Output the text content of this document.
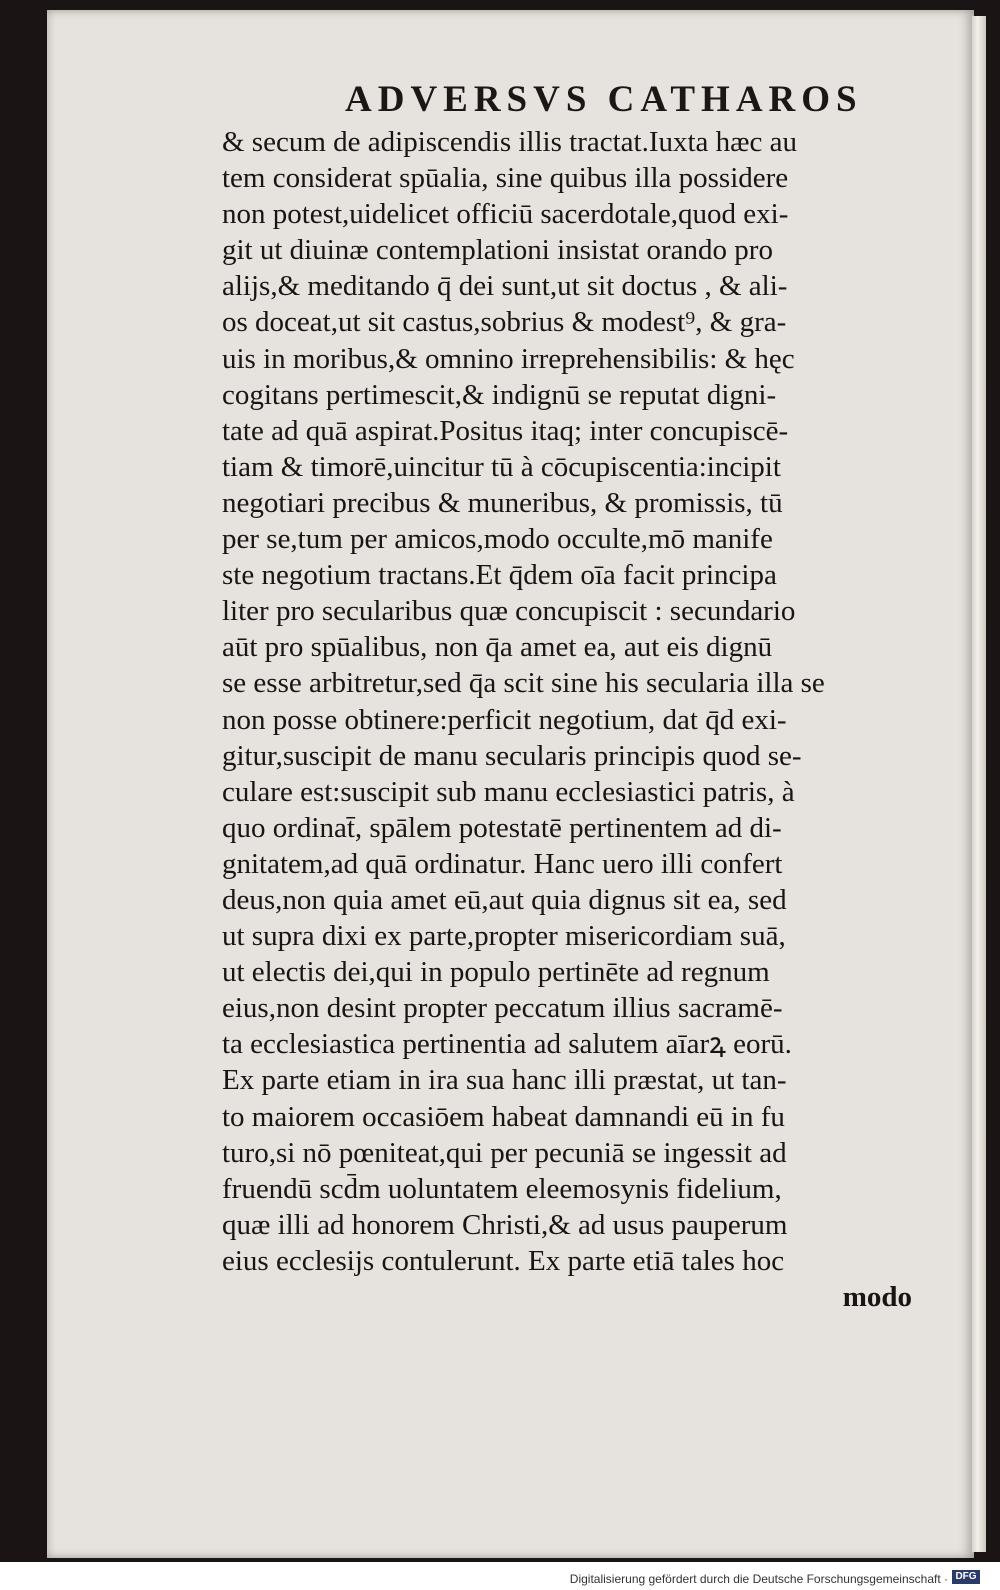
ADVERSVS CATHAROS
& secum de adipiscendis illis tractat.Iuxta hæc au
tem considerat spūalia, sine quibus illa possidere
non potest,uidelicet officiū sacerdotale,quod exi-
git ut diuinæ contemplationi insistat orando pro
alijs,& meditando q̄ dei sunt,ut sit doctus , & ali-
os doceat,ut sit castus,sobrius & modest⁹, & gra-
uis in moribus,& omnino irreprehensibilis: & hęc
cogitans pertimescit,& indignū se reputat digni-
tate ad quā aspirat.Positus itaq; inter concupiscē-
tiam & timorē,uincitur tū à cōcupiscentia:incipit
negotiari precibus & muneribus, & promissis, tū
per se,tum per amicos,modo occulte,mō manife
ste negotium tractans.Et q̄dem oīa facit principa
liter pro secularibus quæ concupiscit : secundario
aūt pro spūalibus, non q̄a amet ea, aut eis dignū
se esse arbitretur,sed q̄a scit sine his secularia illa se
non posse obtinere:perficit negotium, dat q̄d exi-
gitur,suscipit de manu secularis principis quod se-
culare est:suscipit sub manu ecclesiastici patris, à
quo ordinat̄, spālem potestatē pertinentem ad di-
gnitatem,ad quā ordinatur. Hanc uero illi confert
deus,non quia amet eū,aut quia dignus sit ea, sed
ut supra dixi ex parte,propter misericordiam suā,
ut electis dei,qui in populo pertinēte ad regnum
eius,non desint propter peccatum illius sacramē-
ta ecclesiastica pertinentia ad salutem aīarꝝ eorū.
Ex parte etiam in ira sua hanc illi præstat, ut tan-
to maiorem occasiōem habeat damnandi eū in fu
turo,si nō pœniteat,qui per pecuniā se ingessit ad
fruendū scd̄m uoluntatem eleemosynis fidelium,
quæ illi ad honorem Christi,& ad usus pauperum
eius ecclesijs contulerunt. Ex parte etiā tales hoc
modo
Digitalisierung gefördert durch die Deutsche Forschungsgemeinschaft · DFG
